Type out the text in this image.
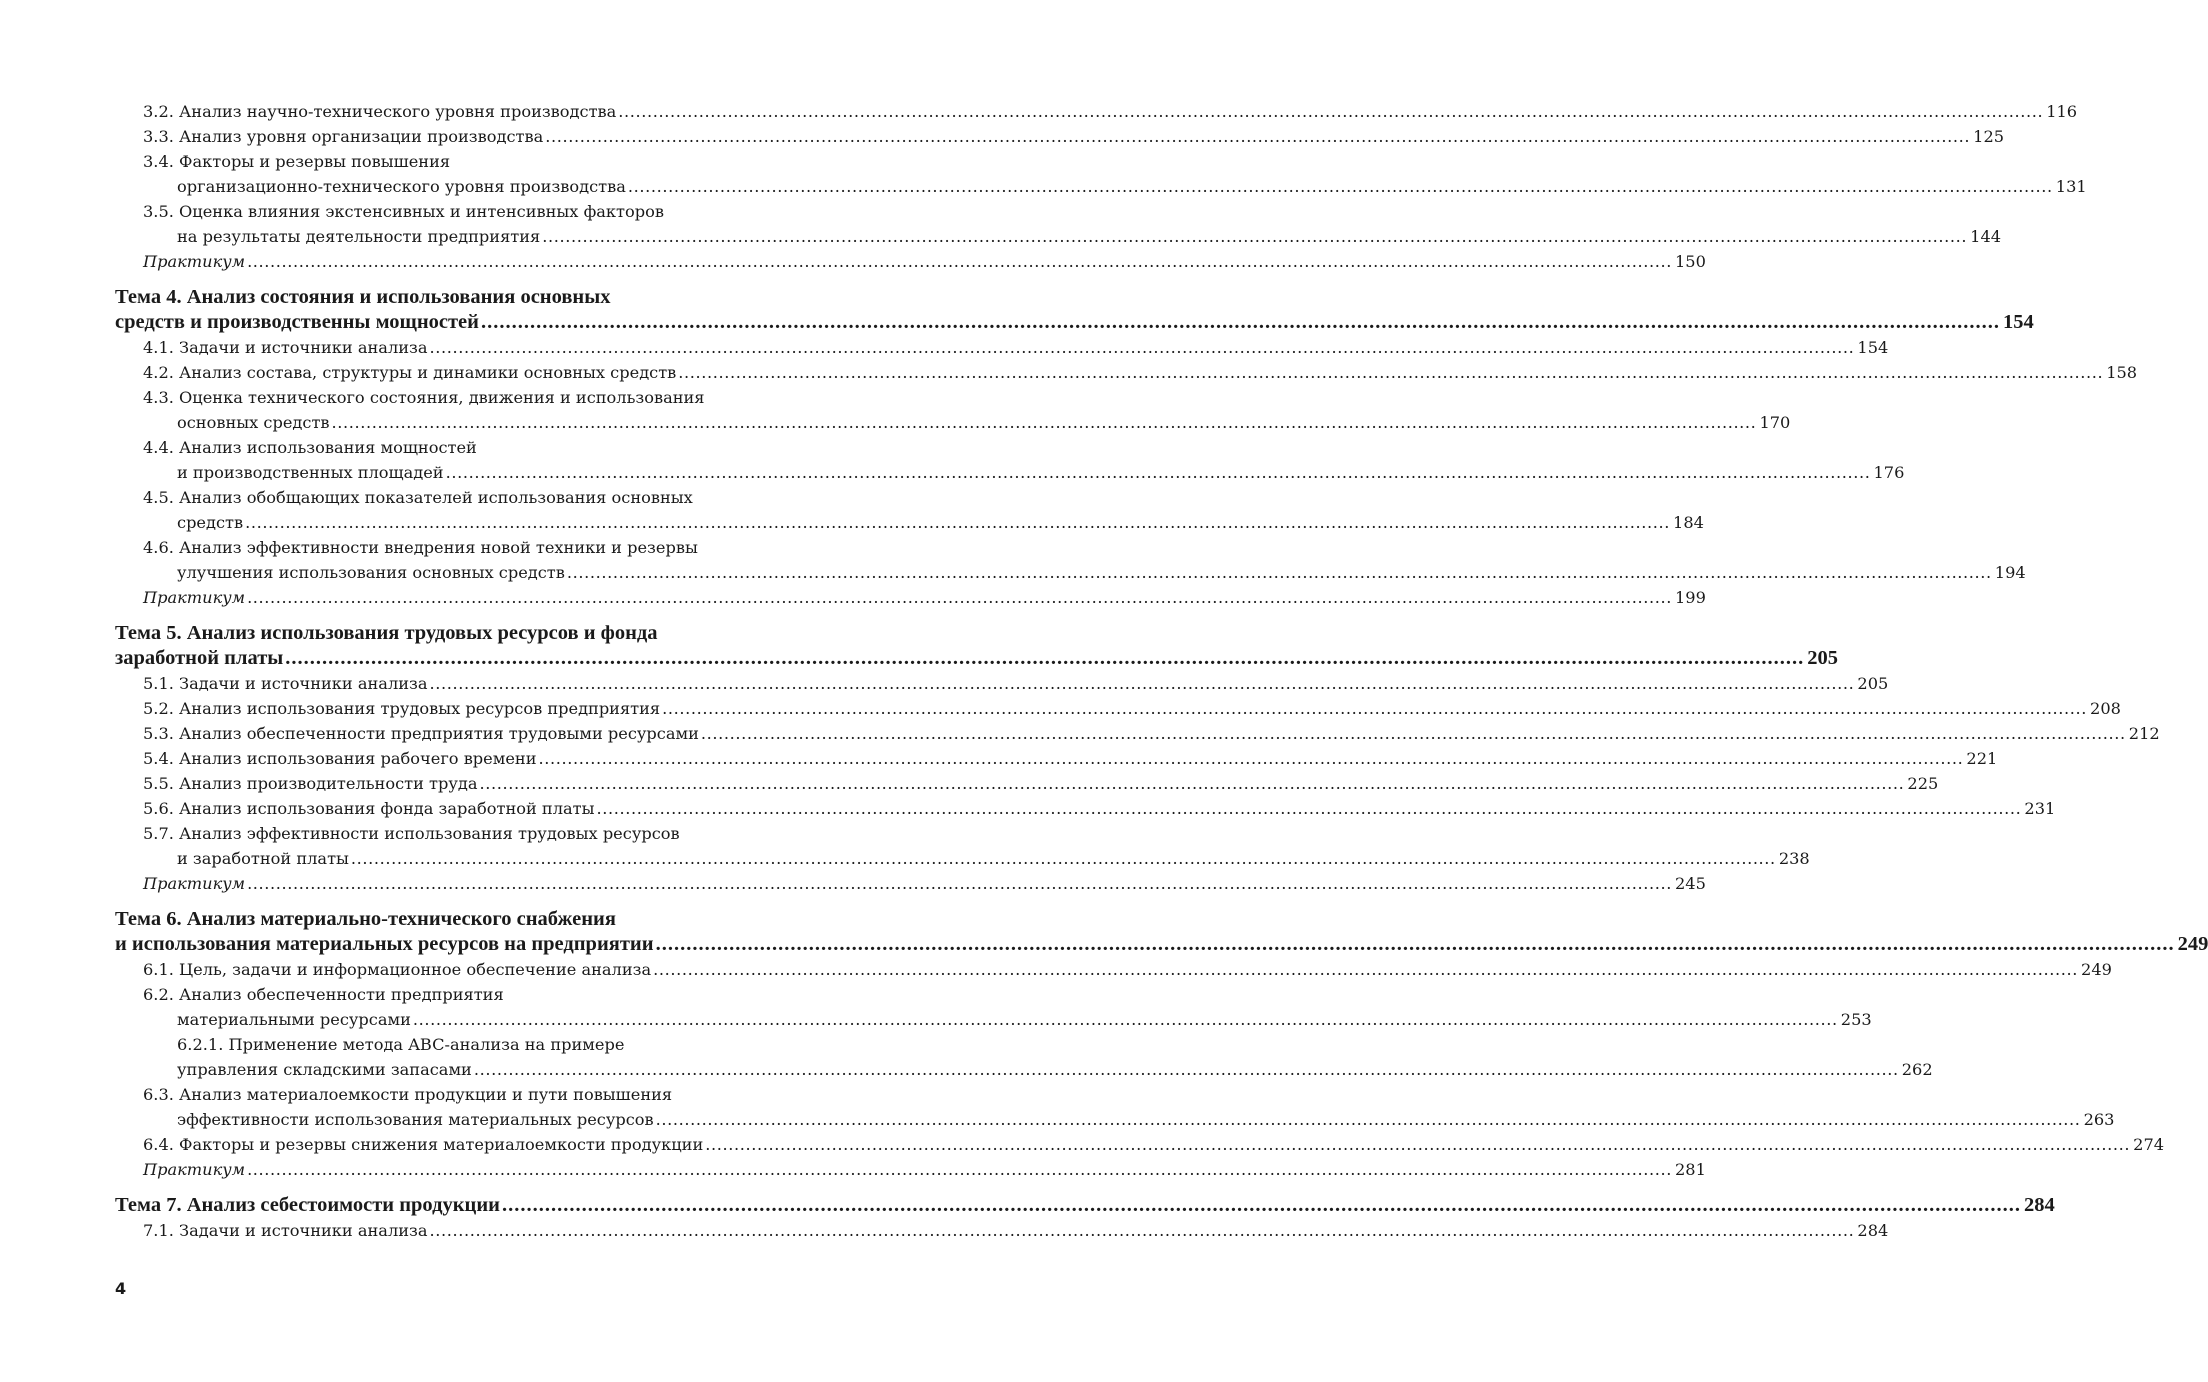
3.2. Анализ научно-технического уровня производства .....	116
3.3. Анализ уровня организации производства .....	125
3.4. Факторы и резервы повышения
организационно-технического уровня производства .....	131
3.5. Оценка влияния экстенсивных и интенсивных факторов
на результаты деятельности предприятия .....	144
Практикум .....	150
Тема 4. Анализ состояния и использования основных
средств и производственны мощностей .....	154
4.1. Задачи и источники анализа .....	154
4.2. Анализ состава, структуры и динамики основных средств .....	158
4.3. Оценка технического состояния, движения и использования
основных средств .....	170
4.4. Анализ использования мощностей
и производственных площадей .....	176
4.5. Анализ обобщающих показателей использования основных
средств .....	184
4.6. Анализ эффективности внедрения новой техники и резервы
улучшения использования основных средств .....	194
Практикум .....	199
Тема 5. Анализ использования трудовых ресурсов и фонда
заработной платы .....	205
5.1. Задачи и источники анализа .....	205
5.2. Анализ использования трудовых ресурсов предприятия .....	208
5.3. Анализ обеспеченности предприятия трудовыми ресурсами .....	212
5.4. Анализ использования рабочего времени .....	221
5.5. Анализ производительности труда .....	225
5.6. Анализ использования фонда заработной платы .....	231
5.7. Анализ эффективности использования трудовых ресурсов
и заработной платы .....	238
Практикум .....	245
Тема 6. Анализ материально-технического снабжения
и использования материальных ресурсов на предприятии .....	249
6.1. Цель, задачи и информационное обеспечение анализа .....	249
6.2. Анализ обеспеченности предприятия
материальными ресурсами .....	253
6.2.1. Применение метода ABC-анализа на примере
управления складскими запасами .....	262
6.3. Анализ материалоемкости продукции и пути повышения
эффективности использования материальных ресурсов .....	263
6.4. Факторы и резервы снижения материалоемкости продукции .....	274
Практикум .....	281
Тема 7. Анализ себестоимости продукции .....	284
7.1. Задачи и источники анализа .....	284
4
